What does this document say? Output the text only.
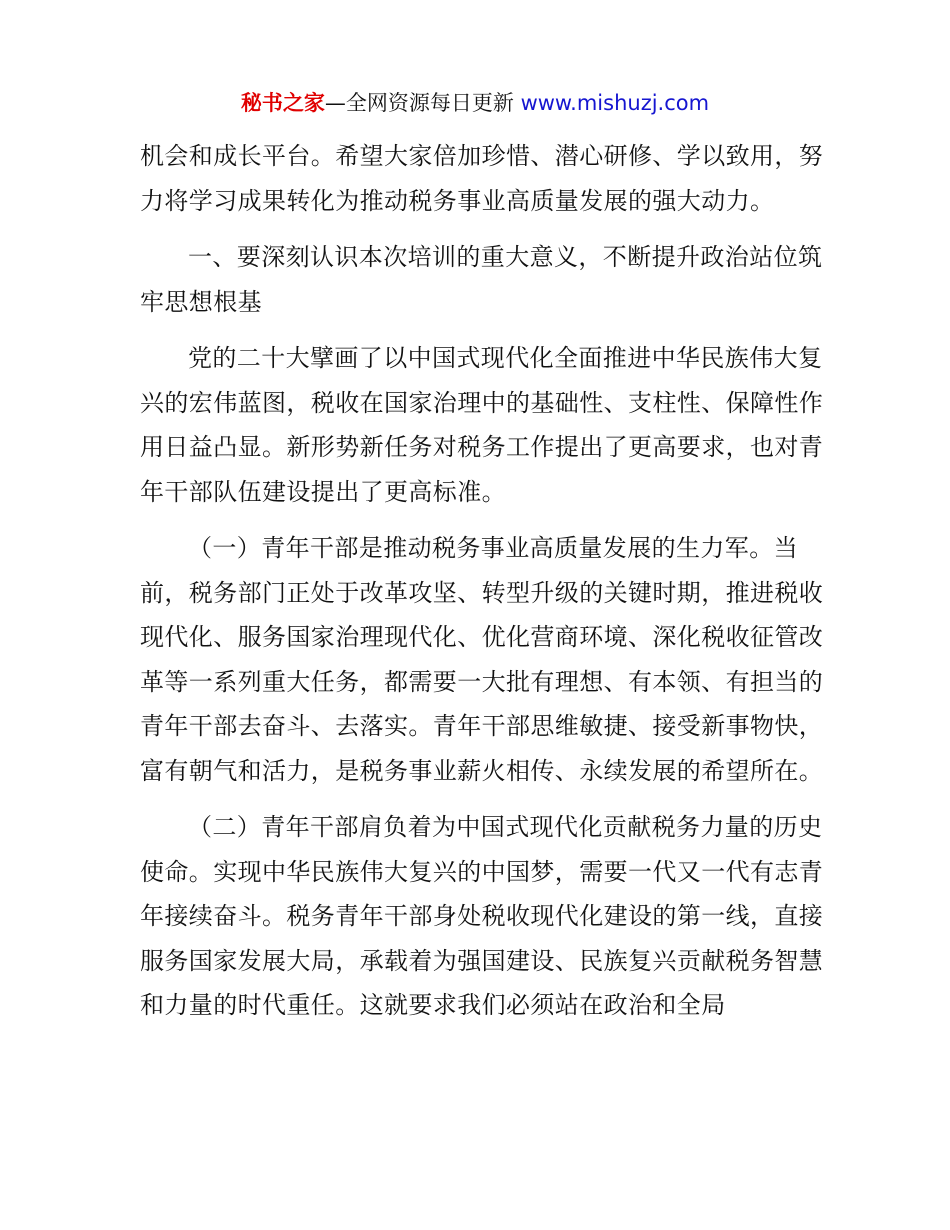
秘书之家—全网资源每日更新 www.mishuzj.com

机会和成长平台。希望大家倍加珍惜、潜心研修、学以致用，努力将学习成果转化为推动税务事业高质量发展的强大动力。

一、要深刻认识本次培训的重大意义，不断提升政治站位筑牢思想根基

党的二十大擘画了以中国式现代化全面推进中华民族伟大复兴的宏伟蓝图，税收在国家治理中的基础性、支柱性、保障性作用日益凸显。新形势新任务对税务工作提出了更高要求，也对青年干部队伍建设提出了更高标准。

（一）青年干部是推动税务事业高质量发展的生力军。当前，税务部门正处于改革攻坚、转型升级的关键时期，推进税收现代化、服务国家治理现代化、优化营商环境、深化税收征管改革等一系列重大任务，都需要一大批有理想、有本领、有担当的青年干部去奋斗、去落实。青年干部思维敏捷、接受新事物快，富有朝气和活力，是税务事业薪火相传、永续发展的希望所在。

（二）青年干部肩负着为中国式现代化贡献税务力量的历史使命。实现中华民族伟大复兴的中国梦，需要一代又一代有志青年接续奋斗。税务青年干部身处税收现代化建设的第一线，直接服务国家发展大局，承载着为强国建设、民族复兴贡献税务智慧和力量的时代重任。这就要求我们必须站在政治和全局
